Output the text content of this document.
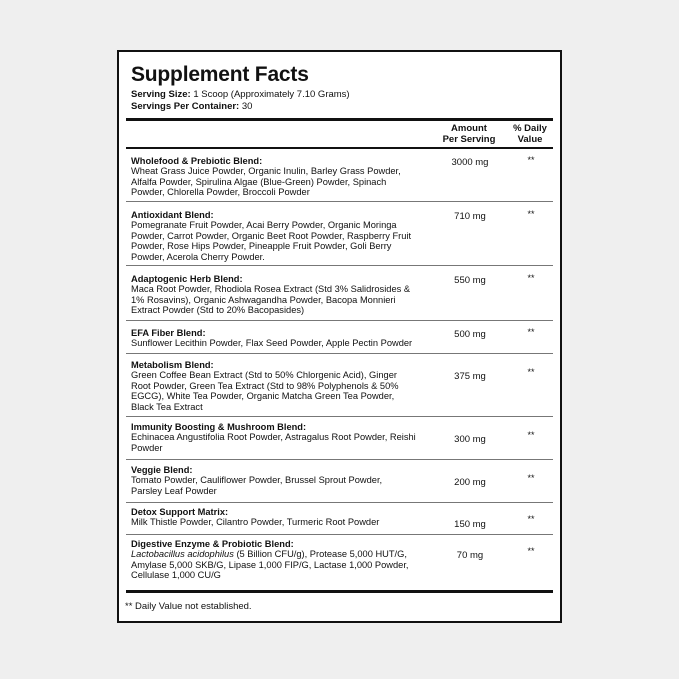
Supplement Facts
Serving Size: 1 Scoop (Approximately 7.10 Grams)
Servings Per Container: 30
Amount
Per Serving
% Daily
Value
Wholefood & Prebiotic Blend:
Wheat Grass Juice Powder, Organic Inulin, Barley Grass Powder,
Alfalfa Powder, Spirulina Algae (Blue-Green) Powder, Spinach
Powder, Chlorella Powder, Broccoli Powder
3000 mg	**
Antioxidant Blend:
Pomegranate Fruit Powder, Acai Berry Powder, Organic Moringa
Powder, Carrot Powder, Organic Beet Root Powder, Raspberry Fruit
Powder, Rose Hips Powder, Pineapple Fruit Powder, Goli Berry
Powder, Acerola Cherry Powder.
710 mg	**
Adaptogenic Herb Blend:
Maca Root Powder, Rhodiola Rosea Extract (Std 3% Salidrosides &
1% Rosavins), Organic Ashwagandha Powder, Bacopa Monnieri
Extract Powder (Std to 20% Bacopasides)
550 mg	**
EFA Fiber Blend:
Sunflower Lecithin Powder, Flax Seed Powder, Apple Pectin Powder
500 mg	**
Metabolism Blend:
Green Coffee Bean Extract (Std to 50% Chlorgenic Acid), Ginger
Root Powder, Green Tea Extract (Std to 98% Polyphenols & 50%
EGCG), White Tea Powder, Organic Matcha Green Tea Powder,
Black Tea Extract
375 mg	**
Immunity Boosting & Mushroom Blend:
Echinacea Angustifolia Root Powder, Astragalus Root Powder, Reishi
Powder
300 mg	**
Veggie Blend:
Tomato Powder, Cauliflower Powder, Brussel Sprout Powder,
Parsley Leaf Powder
200 mg	**
Detox Support Matrix:
Milk Thistle Powder, Cilantro Powder, Turmeric Root Powder	150 mg	**
Digestive Enzyme & Probiotic Blend:
Lactobacillus acidophilus (5 Billion CFU/g), Protease 5,000 HUT/G,
Amylase 5,000 SKB/G, Lipase 1,000 FIP/G, Lactase 1,000 Powder,
Cellulase 1,000 CU/G
70 mg	**
** Daily Value not established.
